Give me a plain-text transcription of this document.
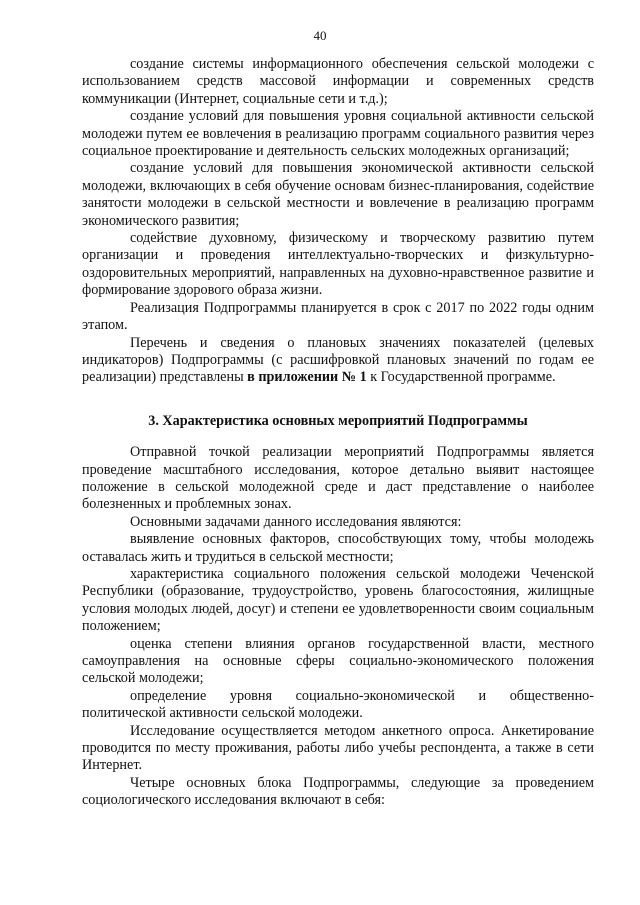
40

создание системы информационного обеспечения сельской молодежи с использованием средств массовой информации и современных средств коммуникации (Интернет, социальные сети и т.д.);

создание условий для повышения уровня социальной активности сельской молодежи путем ее вовлечения в реализацию программ социального развития через социальное проектирование и деятельность сельских молодежных организаций;

создание условий для повышения экономической активности сельской молодежи, включающих в себя обучение основам бизнес-планирования, содействие занятости молодежи в сельской местности и вовлечение в реализацию программ экономического развития;

содействие духовному, физическому и творческому развитию путем организации и проведения интеллектуально-творческих и физкультурно-оздоровительных мероприятий, направленных на духовно-нравственное развитие и формирование здорового образа жизни.

Реализация Подпрограммы планируется в срок с 2017 по 2022 годы одним этапом.

Перечень и сведения о плановых значениях показателей (целевых индикаторов) Подпрограммы (с расшифровкой плановых значений по годам ее реализации) представлены в приложении № 1 к Государственной программе.

3. Характеристика основных мероприятий Подпрограммы

Отправной точкой реализации мероприятий Подпрограммы является проведение масштабного исследования, которое детально выявит настоящее положение в сельской молодежной среде и даст представление о наиболее болезненных и проблемных зонах.

Основными задачами данного исследования являются:

выявление основных факторов, способствующих тому, чтобы молодежь оставалась жить и трудиться в сельской местности;

характеристика социального положения сельской молодежи Чеченской Республики (образование, трудоустройство, уровень благосостояния, жилищные условия молодых людей, досуг) и степени ее удовлетворенности своим социальным положением;

оценка степени влияния органов государственной власти, местного самоуправления на основные сферы социально-экономического положения сельской молодежи;

определение уровня социально-экономической и общественно-политической активности сельской молодежи.

Исследование осуществляется методом анкетного опроса. Анкетирование проводится по месту проживания, работы либо учебы респондента, а также в сети Интернет.

Четыре основных блока Подпрограммы, следующие за проведением социологического исследования включают в себя:
